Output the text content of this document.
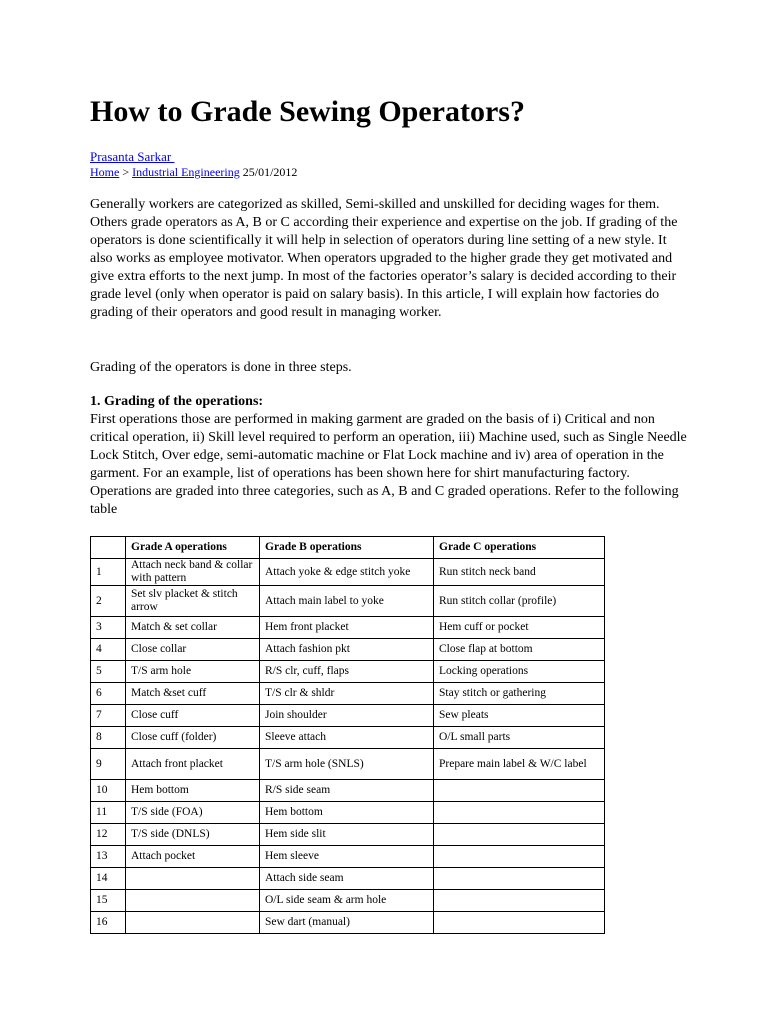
How to Grade Sewing Operators?
Prasanta Sarkar
Home > Industrial Engineering 25/01/2012

Generally workers are categorized as skilled, Semi-skilled and unskilled for deciding wages for them. Others grade operators as A, B or C according their experience and expertise on the job. If grading of the operators is done scientifically it will help in selection of operators during line setting of a new style. It also works as employee motivator. When operators upgraded to the higher grade they get motivated and give extra efforts to the next jump. In most of the factories operator’s salary is decided according to their grade level (only when operator is paid on salary basis). In this article, I will explain how factories do grading of their operators and good result in managing worker.

Grading of the operators is done in three steps.

1. Grading of the operations:

First operations those are performed in making garment are graded on the basis of i) Critical and non critical operation, ii) Skill level required to perform an operation, iii) Machine used, such as Single Needle Lock Stitch, Over edge, semi-automatic machine or Flat Lock machine and iv) area of operation in the garment. For an example, list of operations has been shown here for shirt manufacturing factory. Operations are graded into three categories, such as A, B and C graded operations. Refer to the following table

	Grade A operations	Grade B operations	Grade C operations
1	Attach neck band & collar with pattern	Attach yoke & edge stitch yoke	Run stitch neck band
2	Set slv placket & stitch arrow	Attach main label to yoke	Run stitch collar (profile)
3	Match & set collar	Hem front placket	Hem cuff or pocket
4	Close collar	Attach fashion pkt	Close flap at bottom
5	T/S arm hole	R/S clr, cuff, flaps	Locking operations
6	Match &set cuff	T/S clr & shldr	Stay stitch or gathering
7	Close cuff	Join shoulder	Sew pleats
8	Close cuff (folder)	Sleeve attach	O/L small parts
9	Attach front placket	T/S arm hole (SNLS)	Prepare main label & W/C label
10	Hem bottom	R/S side seam	
11	T/S side (FOA)	Hem bottom	
12	T/S side (DNLS)	Hem side slit	
13	Attach pocket	Hem sleeve	
14		Attach side seam	
15		O/L side seam & arm hole	
16		Sew dart (manual)	
